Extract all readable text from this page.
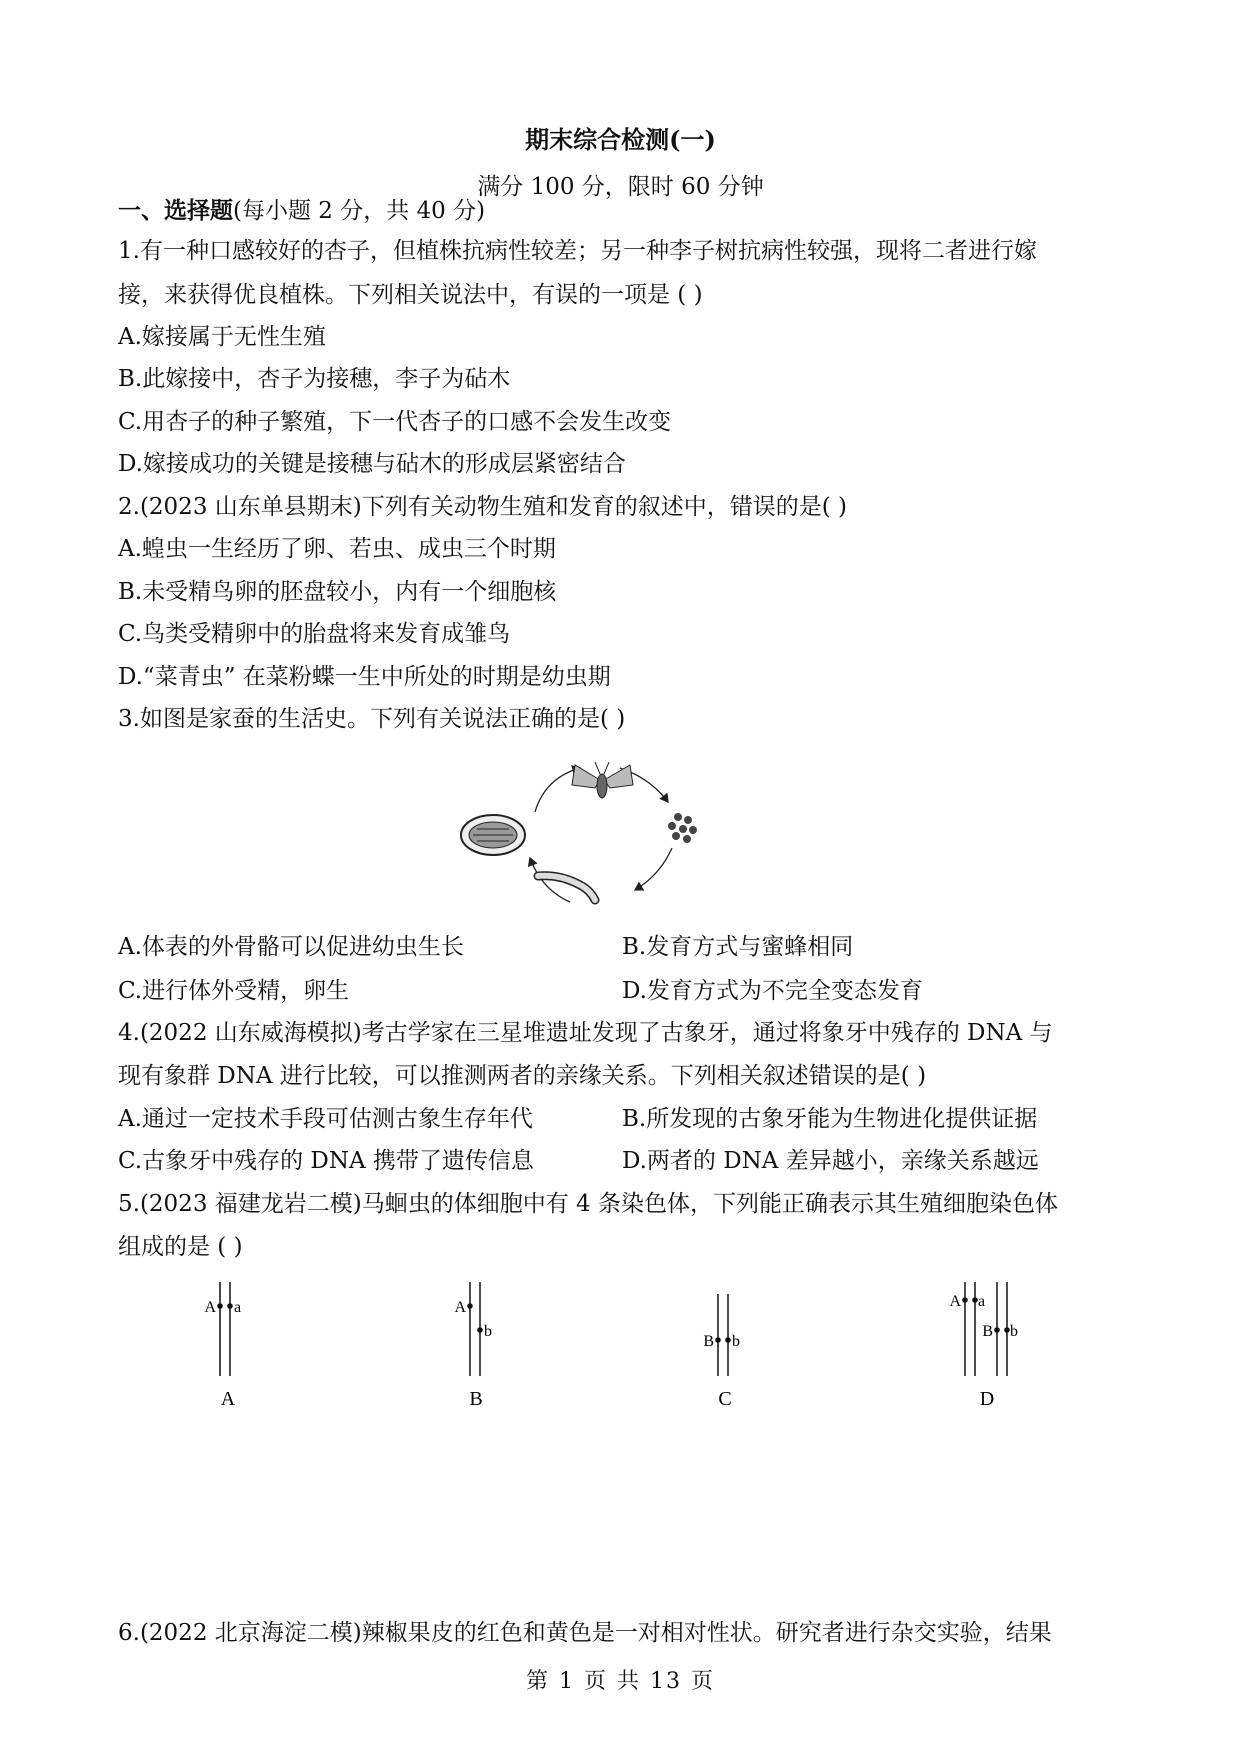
期末综合检测(一)
满分 100 分，限时 60 分钟
一、选择题(每小题 2 分，共 40 分)
1.有一种口感较好的杏子，但植株抗病性较差；另一种李子树抗病性较强，现将二者进行嫁
接，来获得优良植株。下列相关说法中，有误的一项是 ( )
A.嫁接属于无性生殖
B.此嫁接中，杏子为接穗，李子为砧木
C.用杏子的种子繁殖，下一代杏子的口感不会发生改变
D.嫁接成功的关键是接穗与砧木的形成层紧密结合
2.(2023 山东单县期末)下列有关动物生殖和发育的叙述中，错误的是( )
A.蝗虫一生经历了卵、若虫、成虫三个时期
B.未受精鸟卵的胚盘较小，内有一个细胞核
C.鸟类受精卵中的胎盘将来发育成雏鸟
D.“菜青虫” 在菜粉蝶一生中所处的时期是幼虫期
3.如图是家蚕的生活史。下列有关说法正确的是( )
A.体表的外骨骼可以促进幼虫生长	B.发育方式与蜜蜂相同
C.进行体外受精，卵生	D.发育方式为不完全变态发育
4.(2022 山东威海模拟)考古学家在三星堆遗址发现了古象牙，通过将象牙中残存的 DNA 与
现有象群 DNA 进行比较，可以推测两者的亲缘关系。下列相关叙述错误的是( )
A.通过一定技术手段可估测古象生存年代	B.所发现的古象牙能为生物进化提供证据
C.古象牙中残存的 DNA 携带了遗传信息	D.两者的 DNA 差异越小，亲缘关系越远
5.(2023 福建龙岩二模)马蛔虫的体细胞中有 4 条染色体，下列能正确表示其生殖细胞染色体
组成的是 ( )
A a
A
A
b
B
B b
C
A a
B b
D
6.(2022 北京海淀二模)辣椒果皮的红色和黄色是一对相对性状。研究者进行杂交实验，结果
第 1 页 共 13 页
